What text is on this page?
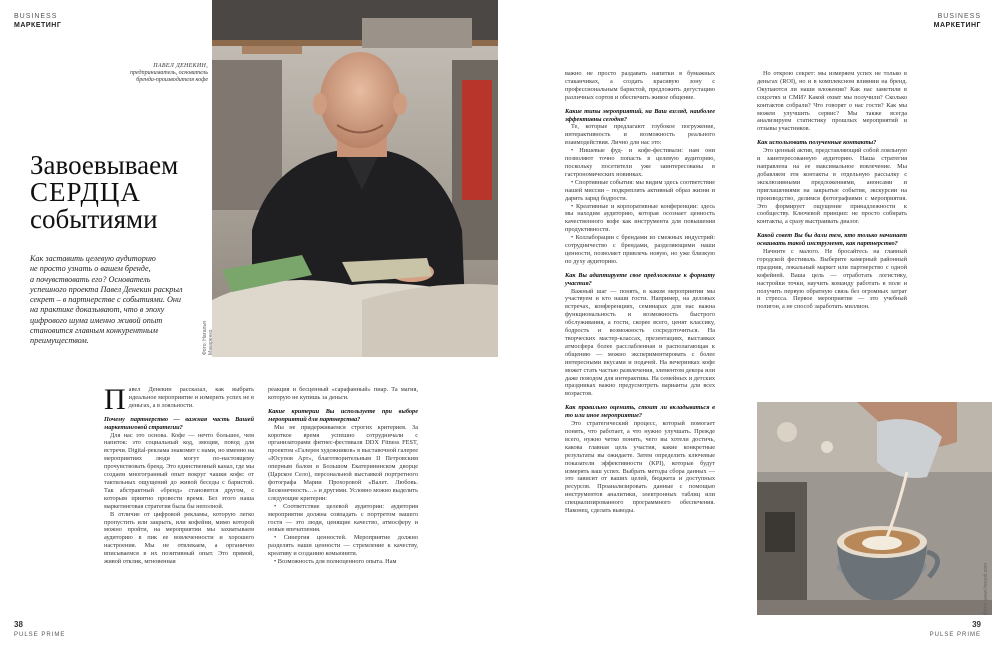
BUSINESS
МАРКЕТИНГ
BUSINESS
МАРКЕТИНГ
38
PULSE PRIME
39
PULSE PRIME
Фото: Наталья Макаренко
ПАВЕЛ ДЕНЕКИН,
предприниматель, основатель
бренда-производителя кофе
Завоевываем
СЕРДЦА
событиями
Как заставить целевую аудиторию
не просто узнать о вашем бренде,
а почувствовать его? Основатель
успешного проекта Павел Денекин раскрыл
секрет – в партнерстве с событиями. Они
на практике доказывают, что в эпоху
цифрового шума именно живой опыт
становится главным конкурентным
преимуществом.

Павел Денекин рассказал, как выбрать идеальное мероприятие и измерить успех не в деньгах, а в лояльности.

Почему партнерство — важная часть Вашей маркетинговой стратегии?

Для нас это основа. Кофе — нечто большее, чем напиток: это социальный код, эмоция, повод для встречи. Digital-реклама знакомит с нами, но именно на мероприятиях люди могут по-настоящему прочувствовать бренд. Это единственный канал, где мы создаем многогранный опыт вокруг чашки кофе: от тактильных ощущений до живой беседы с баристой. Так абстрактный «бренд» становится другом, с которым приятно провести время. Без этого наша маркетинговая стратегия была бы неполной.

В отличие от цифровой рекламы, которую легко пропустить или закрыть, или кофейни, мимо которой можно пройти, на мероприятии мы захватываем аудиторию в пик ее вовлеченности и хорошего настроения. Мы не отвлекаем, а органично вписываемся в их позитивный опыт. Это прямой, живой отклик, мгновенная

реакция и бесценный «сарафанный» пиар. Та магия, которую не купишь за деньги.

Какие критерии Вы используете при выборе мероприятий для партнерства?

Мы не придерживаемся строгих критериев. За короткое время успешно сотрудничали с организаторами фитнес-фестиваля DDX Fitness FEST, проектом «Галерея художников» в выставочной галерее «Юсупов Арт», благотворительным II Петровским оперным балом в Большом Екатерининском дворце (Царское Село), персональной выставкой портретного фотографа Марии Прохоровой «Валет. Любовь. Бесконечность…» и другими. Условно можно выделить следующие критерии:

• Соответствие целевой аудитории: аудитория мероприятия должна совпадать с портретом вашего гостя — это люди, ценящие качество, атмосферу и новые впечатления.

• Синергия ценностей. Мероприятие должно разделять наши ценности — стремление к качеству, креативу и созданию комьюнити.

• Возможность для полноценного опыта. Нам

важно не просто раздавать напитки в бумажных стаканчиках, а создать красивую зону с профессиональным баристой, предложить дегустацию различных сортов и обеспечить живое общение.

Какие типы мероприятий, на Ваш взгляд, наиболее эффективны сегодня?

Те, которые предлагают глубокое погружение, интерактивность и возможность реального взаимодействия. Лично для нас это:

• Нишевые фуд- и кофе-фестивали: нам они позволяют точно попасть в целевую аудиторию, поскольку посетители уже заинтересованы в гастрономических новинках.

• Спортивные события: мы видим здесь соответствие нашей миссии – подкреплять активный образ жизни и дарить заряд бодрости.

• Креативные и корпоративные конференции: здесь мы находим аудиторию, которая осознает ценность качественного кофе как инструмента для повышения продуктивности.

• Коллаборации с брендами из смежных индустрий: сотрудничество с брендами, разделяющими наши ценности, позволяет привлечь новую, но уже близкую по духу аудиторию.

Как Вы адаптируете свое предложение к формату участия?

Важный шаг — понять, в каком мероприятии мы участвуем и кто наши гости. Например, на деловых встречах, конференциях, семинарах для нас важна функциональность и возможность быстрого обслуживания, а гости, скорее всего, ценят классику, бодрость и возможность сосредоточиться. На творческих мастер-классах, презентациях, выставках атмосфера более расслабленная и располагающая к общению — можно экспериментировать с более интересными вкусами и подачей. На вечеринках кофе может стать частью развлечения, элементом декора или даже поводом для интерактива. На семейных и детских праздниках важно предусмотреть варианты для всех возрастов.

Как правильно оценить, стоит ли вкладываться в то или иное мероприятие?

Это стратегический процесс, который помогает понять, что работает, а что нужно улучшать. Прежде всего, нужно четко понять, чего вы хотели достичь, какова главная цель участия, какие конкретные результаты вы ожидаете. Затем определить ключевые показатели эффективности (KPI), которые будут измерять ваш успех. Выбрать методы сбора данных — это зависит от ваших целей, бюджета и доступных ресурсов. Проанализировать данные с помощью инструментов аналитики, электронных таблиц или специализированного программного обеспечения. Наконец, сделать выводы.

Но открою секрет: мы измеряем успех не только в деньгах (ROI), но и в комплексном влиянии на бренд. Окупаются ли наши вложения? Как нас заметили в соцсетях и СМИ? Какой охват мы получили? Сколько контактов собрали? Что говорят о нас гости? Как мы можем улучшить сервис? Мы также всегда анализируем статистику прошлых мероприятий и отзывы участников.

Как использовать полученные контакты?

Это ценный актив, представляющий собой лояльную и заинтересованную аудиторию. Наша стратегия направлена на ее максимальное вовлечение. Мы добавляем эти контакты в отдельную рассылку с эксклюзивными предложениями, анонсами и приглашениями на закрытые события, экскурсии на производство, делимся фотографиями с мероприятия. Это формирует ощущение принадлежности к сообществу. Ключевой принцип: не просто собирать контакты, а сразу выстраивать диалог.

Какой совет Вы бы дали тем, кто только начинает осваивать такой инструмент, как партнерство?

Начните с малого. Не бросайтесь на главный городской фестиваль. Выберите камерный районный праздник, локальный маркет или партнерство с одной кофейней. Ваша цель — отработать логистику, настройки точки, научить команду работать в поле и получить первую обратную связь без огромных затрат и стресса. Первое мероприятие — это учебный полигон, а не способ заработать миллион.

Фото: www.freepik.com
